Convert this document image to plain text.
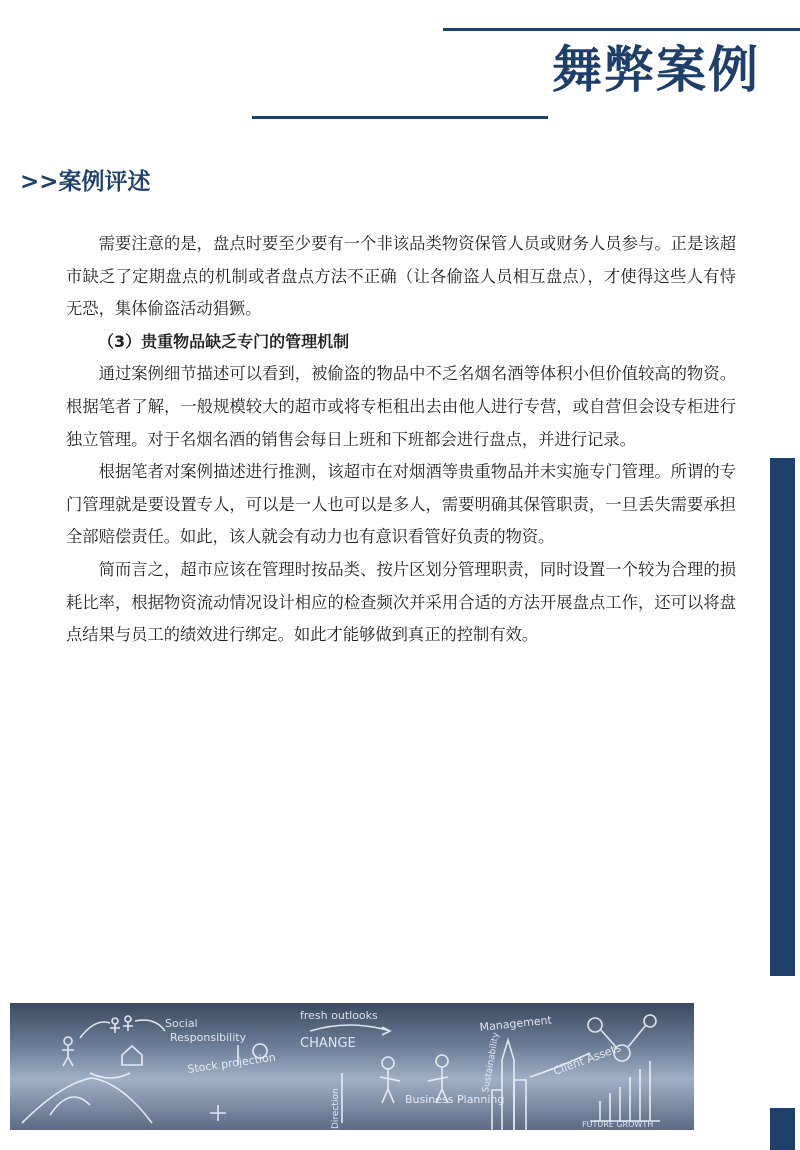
舞弊案例
>>案例评述

需要注意的是，盘点时要至少要有一个非该品类物资保管人员或财务人员参与。正是该超市缺乏了定期盘点的机制或者盘点方法不正确（让各偷盗人员相互盘点），才使得这些人有恃无恐，集体偷盗活动猖獗。

（3）贵重物品缺乏专门的管理机制

通过案例细节描述可以看到，被偷盗的物品中不乏名烟名酒等体积小但价值较高的物资。根据笔者了解，一般规模较大的超市或将专柜租出去由他人进行专营，或自营但会设专柜进行独立管理。对于名烟名酒的销售会每日上班和下班都会进行盘点，并进行记录。

根据笔者对案例描述进行推测，该超市在对烟酒等贵重物品并未实施专门管理。所谓的专门管理就是要设置专人，可以是一人也可以是多人，需要明确其保管职责，一旦丢失需要承担全部赔偿责任。如此，该人就会有动力也有意识看管好负责的物资。

简而言之，超市应该在管理时按品类、按片区划分管理职责，同时设置一个较为合理的损耗比率，根据物资流动情况设计相应的检查频次并采用合适的方法开展盘点工作，还可以将盘点结果与员工的绩效进行绑定。如此才能够做到真正的控制有效。

Social
Responsibility
fresh outlooks	Management
CHANGE
Stock projection
Business Planning
Sustainability	Client Assets
FUTURE GROWTH
Direction
